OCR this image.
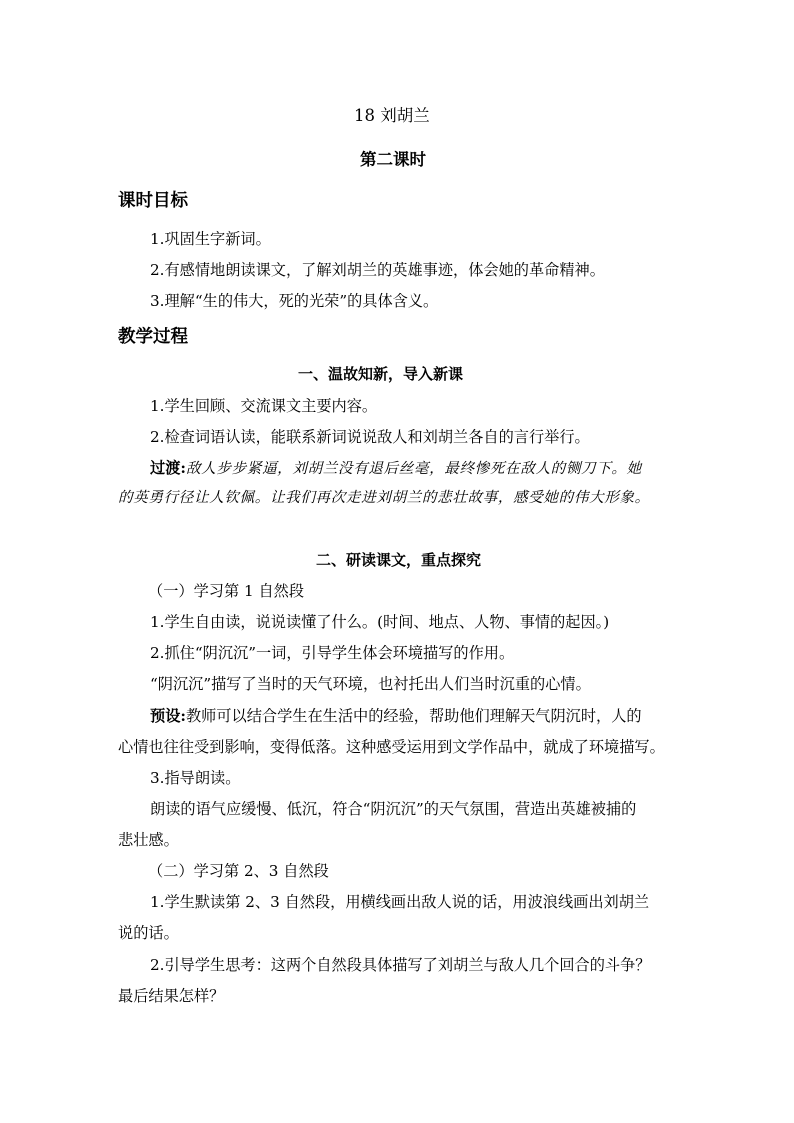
18 刘胡兰
第二课时
课时目标
1.巩固生字新词。
2.有感情地朗读课文，了解刘胡兰的英雄事迹，体会她的革命精神。
3.理解“生的伟大，死的光荣”的具体含义。
教学过程
一、温故知新，导入新课
1.学生回顾、交流课文主要内容。
2.检查词语认读，能联系新词说说敌人和刘胡兰各自的言行举行。
过渡:敌人步步紧逼，刘胡兰没有退后丝毫，最终惨死在敌人的铡刀下。她
的英勇行径让人钦佩。让我们再次走进刘胡兰的悲壮故事，感受她的伟大形象。
二、研读课文，重点探究
（一）学习第 1 自然段
1.学生自由读，说说读懂了什么。(时间、地点、人物、事情的起因。)
2.抓住“阴沉沉”一词，引导学生体会环境描写的作用。
“阴沉沉”描写了当时的天气环境，也衬托出人们当时沉重的心情。
预设:教师可以结合学生在生活中的经验，帮助他们理解天气阴沉时，人的
心情也往往受到影响，变得低落。这种感受运用到文学作品中，就成了环境描写。
3.指导朗读。
朗读的语气应缓慢、低沉，符合“阴沉沉”的天气氛围，营造出英雄被捕的
悲壮感。
（二）学习第 2、3 自然段
1.学生默读第 2、3 自然段，用横线画出敌人说的话，用波浪线画出刘胡兰
说的话。
2.引导学生思考：这两个自然段具体描写了刘胡兰与敌人几个回合的斗争？
最后结果怎样？
